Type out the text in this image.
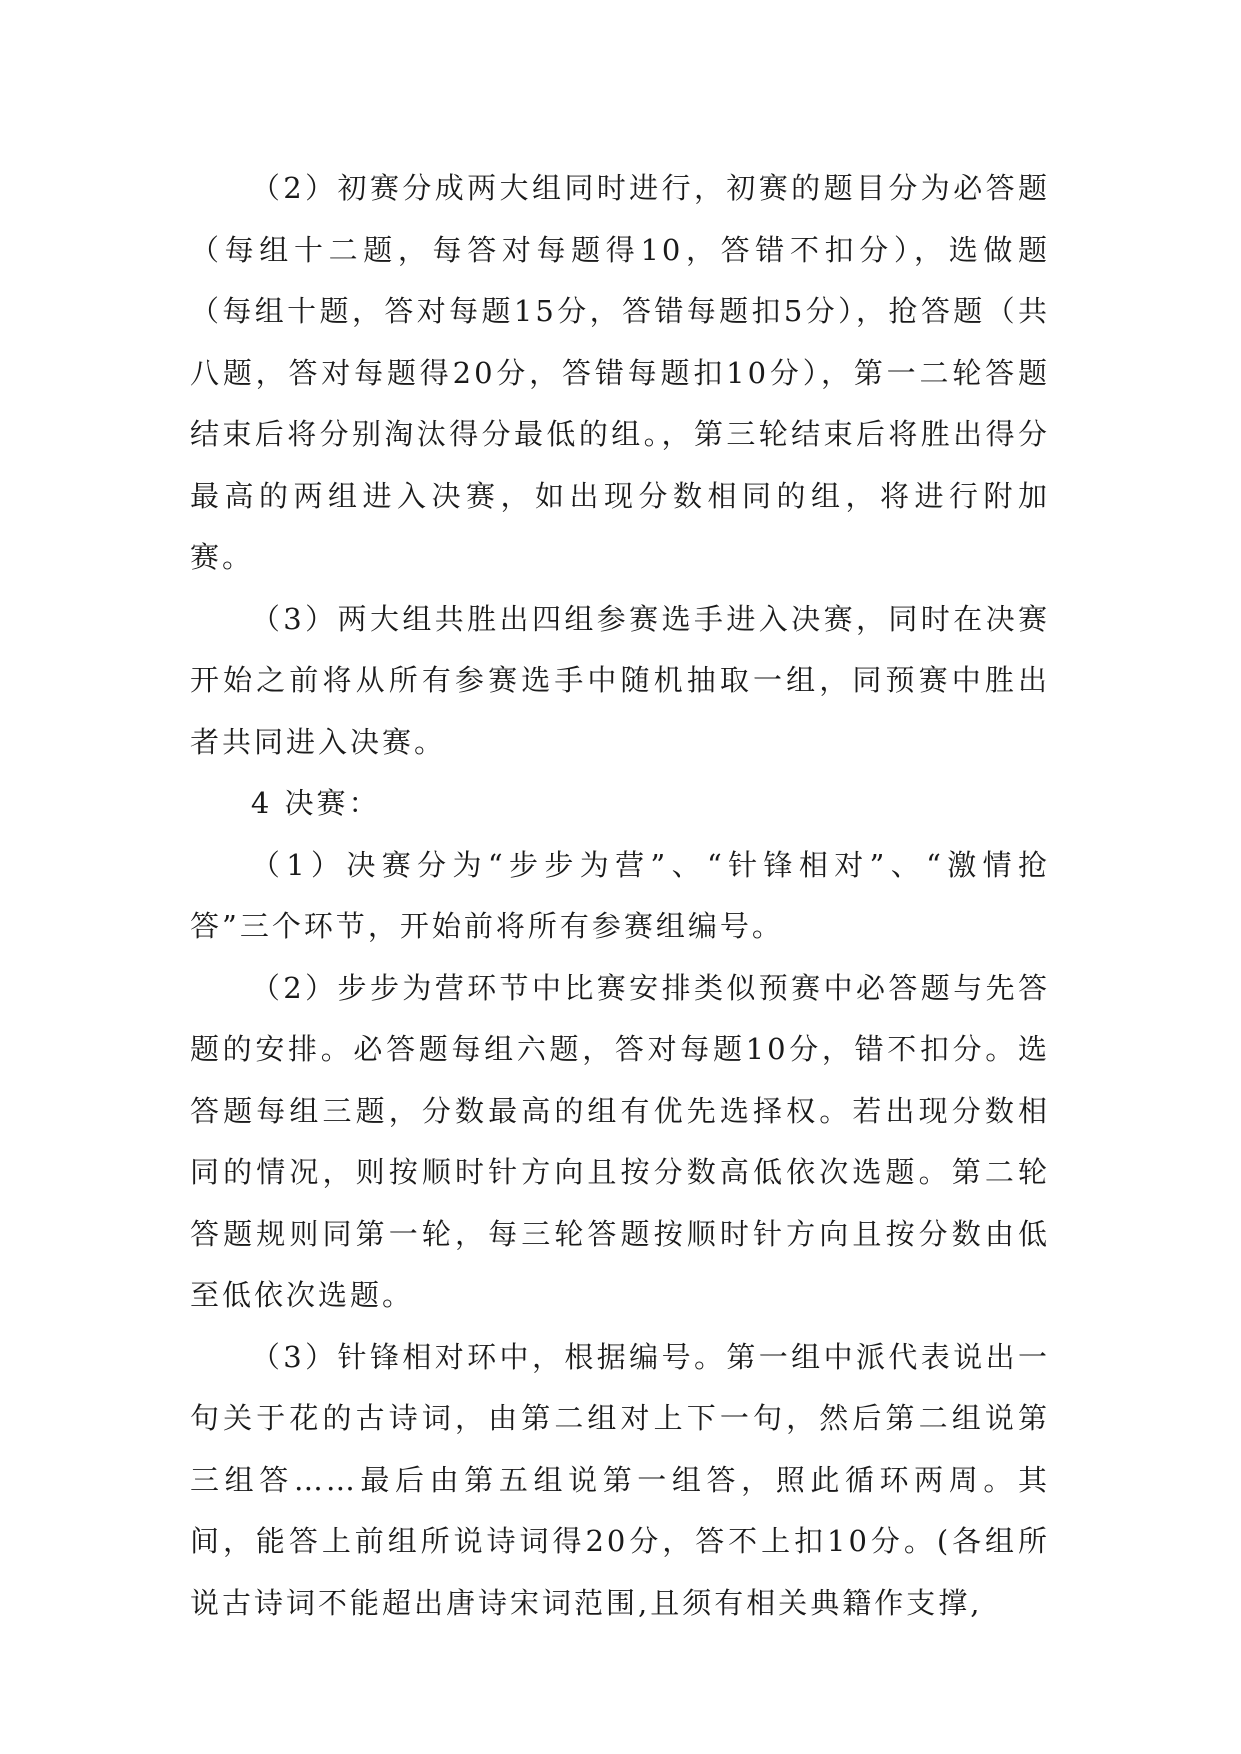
（2）初赛分成两大组同时进行，初赛的题目分为必答题（每组十二题，每答对每题得10，答错不扣分），选做题（每组十题，答对每题15分，答错每题扣5分），抢答题（共八题，答对每题得20分，答错每题扣10分），第一二轮答题结束后将分别淘汰得分最低的组。，第三轮结束后将胜出得分最高的两组进入决赛，如出现分数相同的组，将进行附加赛。

（3）两大组共胜出四组参赛选手进入决赛，同时在决赛开始之前将从所有参赛选手中随机抽取一组，同预赛中胜出者共同进入决赛。

4 决赛：

（1）决赛分为“步步为营”、“针锋相对”、“激情抢答”三个环节，开始前将所有参赛组编号。

（2）步步为营环节中比赛安排类似预赛中必答题与先答题的安排。必答题每组六题，答对每题10分，错不扣分。选答题每组三题，分数最高的组有优先选择权。若出现分数相同的情况，则按顺时针方向且按分数高低依次选题。第二轮答题规则同第一轮，每三轮答题按顺时针方向且按分数由低至低依次选题。

（3）针锋相对环中，根据编号。第一组中派代表说出一句关于花的古诗词，由第二组对上下一句，然后第二组说第三组答……最后由第五组说第一组答，照此循环两周。其间，能答上前组所说诗词得20分，答不上扣10分。(各组所说古诗词不能超出唐诗宋词范围,且须有相关典籍作支撑,
